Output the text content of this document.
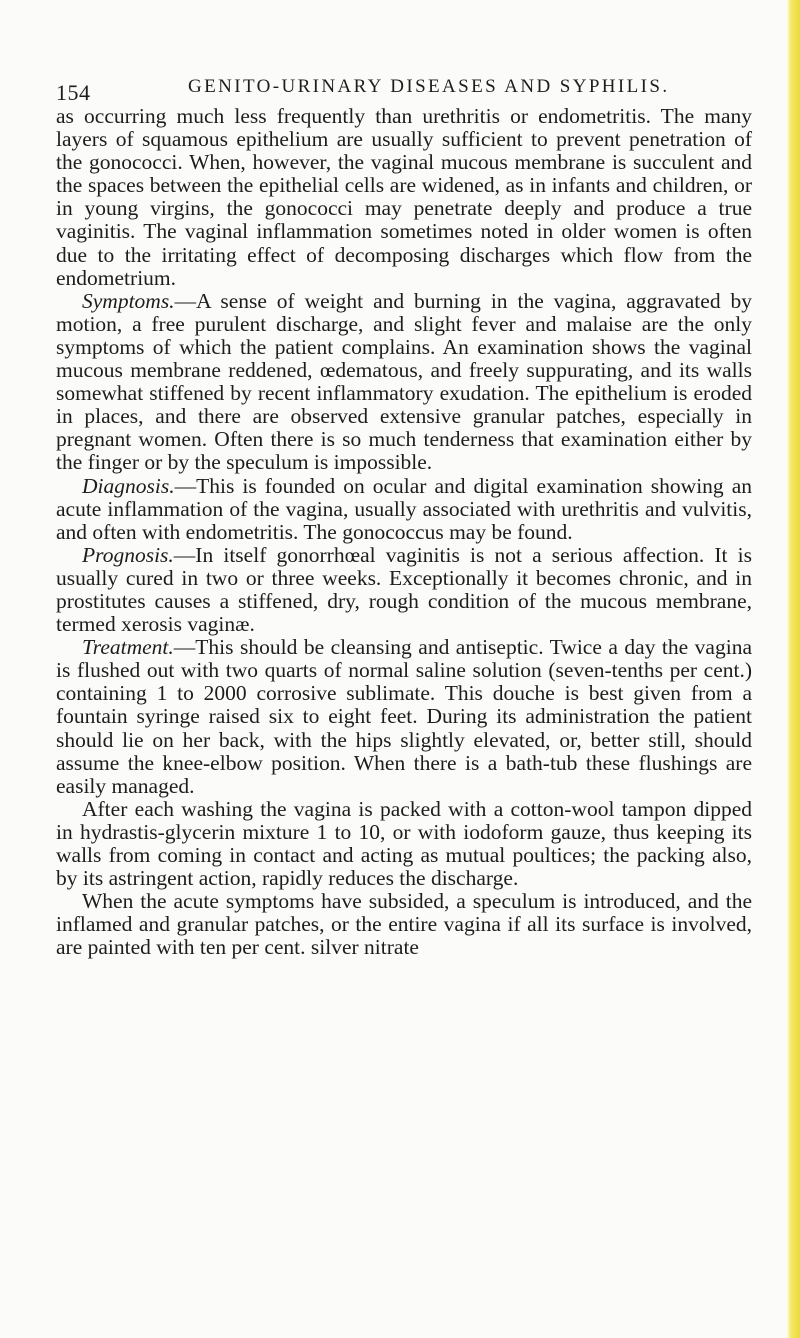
154	GENITO-URINARY DISEASES AND SYPHILIS.

as occurring much less frequently than urethritis or endometritis. The many layers of squamous epithelium are usually sufficient to prevent penetration of the gonococci. When, however, the vaginal mucous membrane is succulent and the spaces between the epithelial cells are widened, as in infants and children, or in young virgins, the gonococci may penetrate deeply and produce a true vaginitis. The vaginal inflammation sometimes noted in older women is often due to the irritating effect of decomposing discharges which flow from the endometrium.

Symptoms.—A sense of weight and burning in the vagina, aggravated by motion, a free purulent discharge, and slight fever and malaise are the only symptoms of which the patient complains. An examination shows the vaginal mucous membrane reddened, œdematous, and freely suppurating, and its walls somewhat stiffened by recent inflammatory exudation. The epithelium is eroded in places, and there are observed extensive granular patches, especially in pregnant women. Often there is so much tenderness that examination either by the finger or by the speculum is impossible.

Diagnosis.—This is founded on ocular and digital examination showing an acute inflammation of the vagina, usually associated with urethritis and vulvitis, and often with endometritis. The gonococcus may be found.

Prognosis.—In itself gonorrhœal vaginitis is not a serious affection. It is usually cured in two or three weeks. Exceptionally it becomes chronic, and in prostitutes causes a stiffened, dry, rough condition of the mucous membrane, termed xerosis vaginæ.

Treatment.—This should be cleansing and antiseptic. Twice a day the vagina is flushed out with two quarts of normal saline solution (seven-tenths per cent.) containing 1 to 2000 corrosive sublimate. This douche is best given from a fountain syringe raised six to eight feet. During its administration the patient should lie on her back, with the hips slightly elevated, or, better still, should assume the knee-elbow position. When there is a bath-tub these flushings are easily managed.

After each washing the vagina is packed with a cotton-wool tampon dipped in hydrastis-glycerin mixture 1 to 10, or with iodoform gauze, thus keeping its walls from coming in contact and acting as mutual poultices; the packing also, by its astringent action, rapidly reduces the discharge.

When the acute symptoms have subsided, a speculum is introduced, and the inflamed and granular patches, or the entire vagina if all its surface is involved, are painted with ten per cent. silver nitrate
